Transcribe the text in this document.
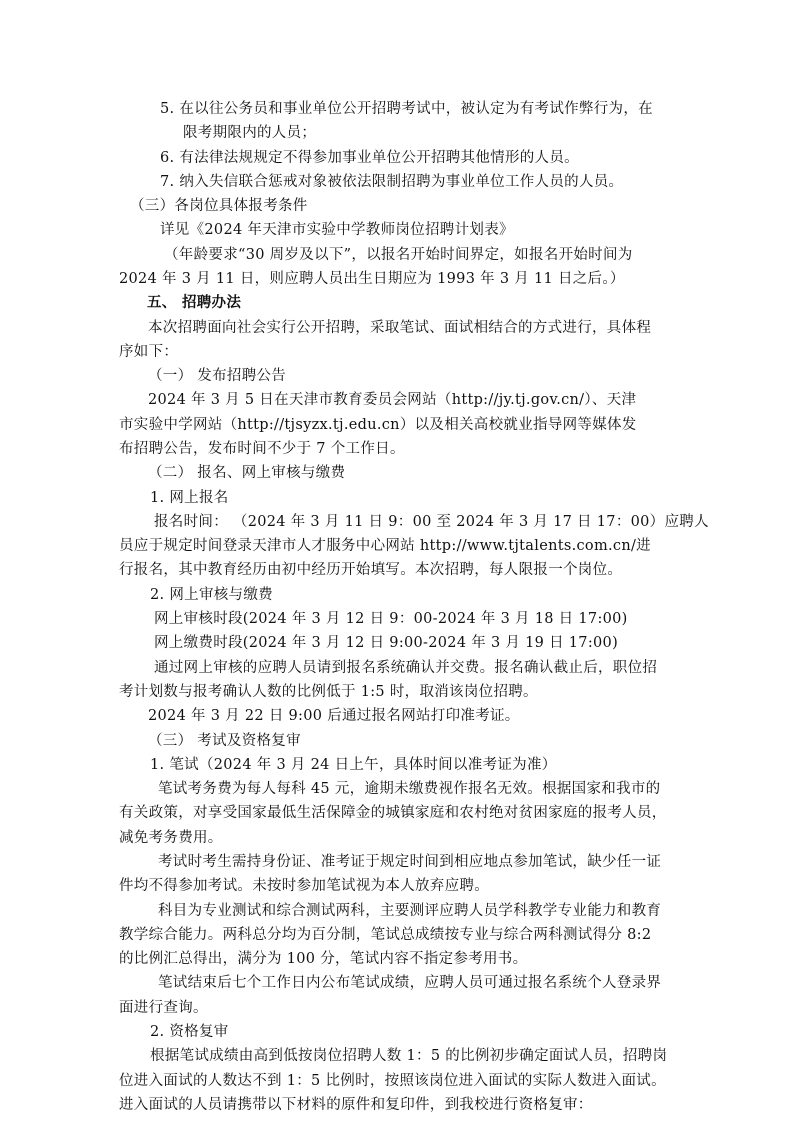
5. 在以往公务员和事业单位公开招聘考试中，被认定为有考试作弊行为，在
限考期限内的人员；
6. 有法律法规规定不得参加事业单位公开招聘其他情形的人员。
7. 纳入失信联合惩戒对象被依法限制招聘为事业单位工作人员的人员。
（三）各岗位具体报考条件
详见《2024 年天津市实验中学教师岗位招聘计划表》
（年龄要求“30 周岁及以下”，以报名开始时间界定，如报名开始时间为
2024 年 3 月 11 日，则应聘人员出生日期应为 1993 年 3 月 11 日之后。）
五、 招聘办法
本次招聘面向社会实行公开招聘，采取笔试、面试相结合的方式进行，具体程
序如下：
（一） 发布招聘公告
2024 年 3 月 5 日在天津市教育委员会网站（http://jy.tj.gov.cn/）、天津
市实验中学网站（http://tjsyzx.tj.edu.cn）以及相关高校就业指导网等媒体发
布招聘公告，发布时间不少于 7 个工作日。
（二） 报名、网上审核与缴费
1. 网上报名
报名时间： （2024 年 3 月 11 日 9：00 至 2024 年 3 月 17 日 17：00）应聘人
员应于规定时间登录天津市人才服务中心网站 http://www.tjtalents.com.cn/进
行报名，其中教育经历由初中经历开始填写。本次招聘，每人限报一个岗位。
2. 网上审核与缴费
网上审核时段(2024 年 3 月 12 日 9：00-2024 年 3 月 18 日 17:00)
网上缴费时段(2024 年 3 月 12 日 9:00-2024 年 3 月 19 日 17:00)
通过网上审核的应聘人员请到报名系统确认并交费。报名确认截止后，职位招
考计划数与报考确认人数的比例低于 1:5 时，取消该岗位招聘。
2024 年 3 月 22 日 9:00 后通过报名网站打印准考证。
（三） 考试及资格复审
1. 笔试（2024 年 3 月 24 日上午，具体时间以准考证为准）
笔试考务费为每人每科 45 元，逾期未缴费视作报名无效。根据国家和我市的
有关政策，对享受国家最低生活保障金的城镇家庭和农村绝对贫困家庭的报考人员，
减免考务费用。
考试时考生需持身份证、准考证于规定时间到相应地点参加笔试，缺少任一证
件均不得参加考试。未按时参加笔试视为本人放弃应聘。
科目为专业测试和综合测试两科，主要测评应聘人员学科教学专业能力和教育
教学综合能力。两科总分均为百分制，笔试总成绩按专业与综合两科测试得分 8:2
的比例汇总得出，满分为 100 分，笔试内容不指定参考用书。
笔试结束后七个工作日内公布笔试成绩，应聘人员可通过报名系统个人登录界
面进行查询。
2. 资格复审
根据笔试成绩由高到低按岗位招聘人数 1：5 的比例初步确定面试人员，招聘岗
位进入面试的人数达不到 1：5 比例时，按照该岗位进入面试的实际人数进入面试。
进入面试的人员请携带以下材料的原件和复印件，到我校进行资格复审：
